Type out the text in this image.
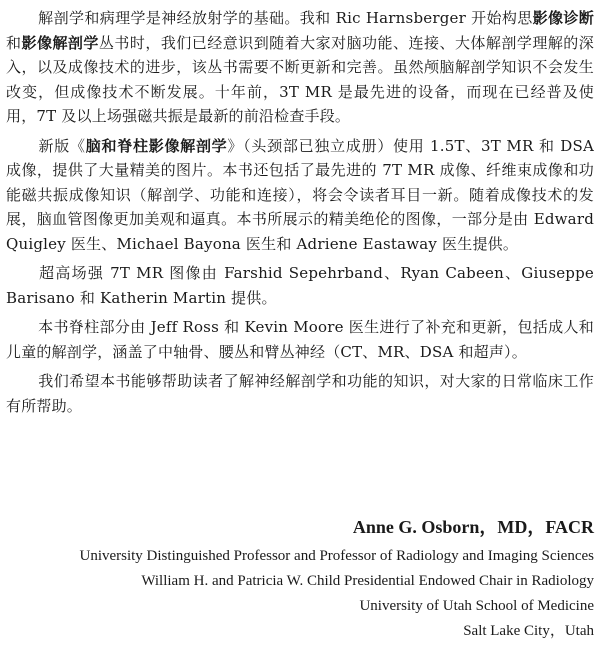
解剖学和病理学是神经放射学的基础。我和 Ric Harnsberger 开始构思影像诊断和影像解剖学丛书时，我们已经意识到随着大家对脑功能、连接、大体解剖学理解的深入，以及成像技术的进步，该丛书需要不断更新和完善。虽然颅脑解剖学知识不会发生改变，但成像技术不断发展。十年前，3T MR 是最先进的设备，而现在已经普及使用，7T 及以上场强磁共振是最新的前沿检查手段。

新版《脑和脊柱影像解剖学》（头颈部已独立成册）使用 1.5T、3T MR 和 DSA 成像，提供了大量精美的图片。本书还包括了最先进的 7T MR 成像、纤维束成像和功能磁共振成像知识（解剖学、功能和连接），将会令读者耳目一新。随着成像技术的发展，脑血管图像更加美观和逼真。本书所展示的精美绝伦的图像，一部分是由 Edward Quigley 医生、Michael Bayona 医生和 Adriene Eastaway 医生提供。

超高场强 7T MR 图像由 Farshid Sepehrband、Ryan Cabeen、Giuseppe Barisano 和 Katherin Martin 提供。

本书脊柱部分由 Jeff Ross 和 Kevin Moore 医生进行了补充和更新，包括成人和儿童的解剖学，涵盖了中轴骨、腰丛和臂丛神经（CT、MR、DSA 和超声）。

我们希望本书能够帮助读者了解神经解剖学和功能的知识，对大家的日常临床工作有所帮助。

Anne G. Osborn，MD，FACR
University Distinguished Professor and Professor of Radiology and Imaging Sciences
William H. and Patricia W. Child Presidential Endowed Chair in Radiology
University of Utah School of Medicine
Salt Lake City，Utah
